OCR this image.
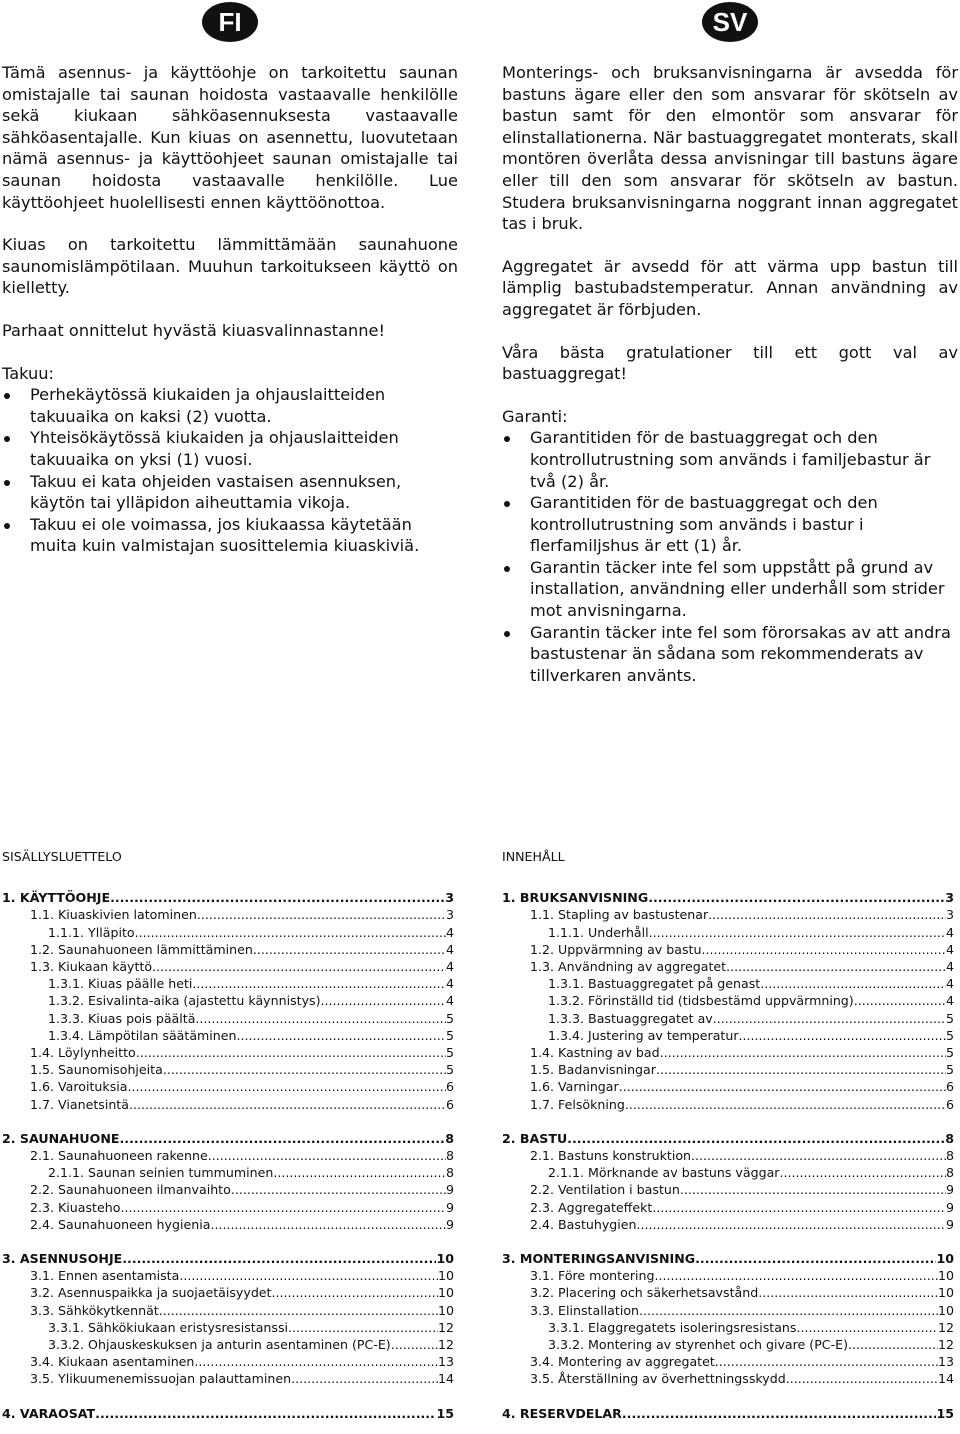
FI	SV

Tämä asennus- ja käyttöohje on tarkoitettu saunan omistajalle tai saunan hoidosta vastaavalle henkilölle sekä kiukaan sähköasennuksesta vastaavalle sähköasentajalle. Kun kiuas on asennettu, luovutetaan nämä asennus- ja käyttöohjeet saunan omistajalle tai saunan hoidosta vastaavalle henkilölle. Lue käyttöohjeet huolellisesti ennen käyttöönottoa.

Kiuas on tarkoitettu lämmittämään saunahuone saunomislämpötilaan. Muuhun tarkoitukseen käyttö on kielletty.

Parhaat onnittelut hyvästä kiuasvalinnastanne!

Takuu:

Perhekäytössä kiukaiden ja ohjauslaitteiden takuuaika on kaksi (2) vuotta.
Yhteisökäytössä kiukaiden ja ohjauslaitteiden takuuaika on yksi (1) vuosi.
Takuu ei kata ohjeiden vastaisen asennuksen, käytön tai ylläpidon aiheuttamia vikoja.
Takuu ei ole voimassa, jos kiukaassa käytetään muita kuin valmistajan suosittelemia kiuaskiviä.

Monterings- och bruksanvisningarna är avsedda för bastuns ägare eller den som ansvarar för skötseln av bastun samt för den elmontör som ansvarar för elinstallationerna. När bastuaggregatet monterats, skall montören överlåta dessa anvisningar till bastuns ägare eller till den som ansvarar för skötseln av bastun. Studera bruksanvisningarna noggrant innan aggregatet tas i bruk.

Aggregatet är avsedd för att värma upp bastun till lämplig bastubadstemperatur. Annan användning av aggregatet är förbjuden.

Våra bästa gratulationer till ett gott val av bastuaggregat!

Garanti:

Garantitiden för de bastuaggregat och den kontrollutrustning som används i familjebastur är två (2) år.
Garantitiden för de bastuaggregat och den kontrollutrustning som används i bastur i flerfamiljshus är ett (1) år.
Garantin täcker inte fel som uppstått på grund av installation, användning eller underhåll som strider mot anvisningarna.
Garantin täcker inte fel som förorsakas av att andra bastustenar än sådana som rekommenderats av tillverkaren använts.
SISÄLLYSLUETTELO
1. KÄYTTÖOHJE .....	3
1.1. Kiuaskivien latominen .....	3
1.1.1. Ylläpito .....	4
1.2. Saunahuoneen lämmittäminen .....	4
1.3. Kiukaan käyttö .....	4
1.3.1. Kiuas päälle heti .....	4
1.3.2. Esivalinta-aika (ajastettu käynnistys) .....	4
1.3.3. Kiuas pois päältä .....	5
1.3.4. Lämpötilan säätäminen .....	5
1.4. Löylynheitto .....	5
1.5. Saunomisohjeita .....	5
1.6. Varoituksia .....	6
1.7. Vianetsintä .....	6
2. SAUNAHUONE .....	8
2.1. Saunahuoneen rakenne .....	8
2.1.1. Saunan seinien tummuminen .....	8
2.2. Saunahuoneen ilmanvaihto .....	9
2.3. Kiuasteho .....	9
2.4. Saunahuoneen hygienia .....	9
3. ASENNUSOHJE .....	10
3.1. Ennen asentamista .....	10
3.2. Asennuspaikka ja suojaetäisyydet .....	10
3.3. Sähkökytkennät .....	10
3.3.1. Sähkökiukaan eristysresistanssi .....	12
3.3.2. Ohjauskeskuksen ja anturin asentaminen (PC-E) .....	12
3.4. Kiukaan asentaminen .....	13
3.5. Ylikuumenemissuojan palauttaminen .....	14
4. VARAOSAT .....	15
INNEHÅLL
1. BRUKSANVISNING .....	3
1.1. Stapling av bastustenar .....	3
1.1.1. Underhåll .....	4
1.2. Uppvärmning av bastu .....	4
1.3. Användning av aggregatet .....	4
1.3.1. Bastuaggregatet på genast .....	4
1.3.2. Förinställd tid (tidsbestämd uppvärmning) .....	4
1.3.3. Bastuaggregatet av .....	5
1.3.4. Justering av temperatur .....	5
1.4. Kastning av bad .....	5
1.5. Badanvisningar .....	5
1.6. Varningar .....	6
1.7. Felsökning .....	6
2. BASTU .....	8
2.1. Bastuns konstruktion .....	8
2.1.1. Mörknande av bastuns väggar .....	8
2.2. Ventilation i bastun .....	9
2.3. Aggregateffekt .....	9
2.4. Bastuhygien .....	9
3. MONTERINGSANVISNING .....	10
3.1. Före montering .....	10
3.2. Placering och säkerhetsavstånd .....	10
3.3. Elinstallation .....	10
3.3.1. Elaggregatets isoleringsresistans .....	12
3.3.2. Montering av styrenhet och givare (PC-E) .....	12
3.4. Montering av aggregatet .....	13
3.5. Återställning av överhettningsskydd .....	14
4. RESERVDELAR .....	15
